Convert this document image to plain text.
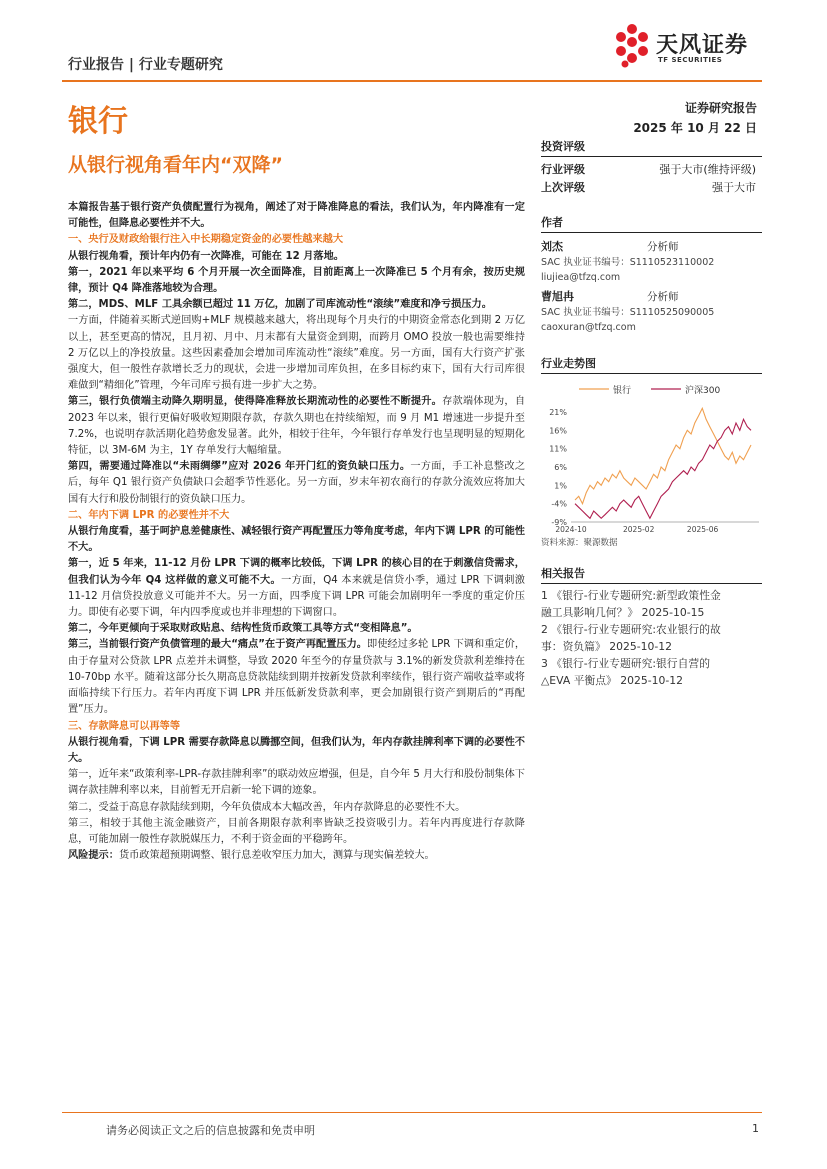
行业报告 | 行业专题研究
天风证券
TF SECURITIES
银行	证券研究报告
2025 年 10 月 22 日
从银行视角看年内“双降”

本篇报告基于银行资产负债配置行为视角，阐述了对于降准降息的看法，我们认为，年内降准有一定可能性，但降息必要性并不大。

一、央行及财政给银行注入中长期稳定资金的必要性越来越大

从银行视角看，预计年内仍有一次降准，可能在 12 月落地。

第一，2021 年以来平均 6 个月开展一次全面降准，目前距离上一次降准已 5 个月有余，按历史规律，预计 Q4 降准落地较为合理。

第二，MDS、MLF 工具余额已超过 11 万亿，加剧了司库流动性“滚续”难度和净亏损压力。

一方面，伴随着买断式逆回购+MLF 规模越来越大，将出现每个月央行的中期资金常态化到期 2 万亿以上，甚至更高的情况，且月初、月中、月末都有大量资金到期，而跨月 OMO 投放一般也需要维持 2 万亿以上的净投放量。这些因素叠加会增加司库流动性“滚续”难度。另一方面，国有大行资产扩张强度大，但一般性存款增长乏力的现状，会进一步增加司库负担，在多目标约束下，国有大行司库很难做到“精细化”管理，今年司库亏损有进一步扩大之势。

第三，银行负债端主动降久期明显，使得降准释放长期流动性的必要性不断提升。存款端体现为，自 2023 年以来，银行更偏好吸收短期限存款，存款久期也在持续缩短，而 9 月 M1 增速进一步提升至 7.2%，也说明存款活期化趋势愈发显著。此外，相较于往年，今年银行存单发行也呈现明显的短期化特征，以 3M-6M 为主，1Y 存单发行大幅缩量。

第四，需要通过降准以“未雨绸缪”应对 2026 年开门红的资负缺口压力。一方面，手工补息整改之后，每年 Q1 银行资产负债缺口会超季节性恶化。另一方面，岁末年初农商行的存款分流效应将加大国有大行和股份制银行的资负缺口压力。

二、年内下调 LPR 的必要性并不大

从银行角度看，基于呵护息差健康性、减轻银行资产再配置压力等角度考虑，年内下调 LPR 的可能性不大。

第一，近 5 年来，11-12 月份 LPR 下调的概率比较低，下调 LPR 的核心目的在于刺激信贷需求，但我们认为今年 Q4 这样做的意义可能不大。一方面，Q4 本来就是信贷小季，通过 LPR 下调刺激 11-12 月信贷投放意义可能并不大。另一方面，四季度下调 LPR 可能会加剧明年一季度的重定价压力。即使有必要下调，年内四季度或也并非理想的下调窗口。

第二，今年更倾向于采取财政贴息、结构性货币政策工具等方式“变相降息”。

第三，当前银行资产负债管理的最大“痛点”在于资产再配置压力。即使经过多轮 LPR 下调和重定价，由于存量对公贷款 LPR 点差并未调整，导致 2020 年至今的存量贷款与 3.1%的新发贷款利差维持在 10-70bp 水平。随着这部分长久期高息贷款陆续到期并按新发贷款利率续作，银行资产端收益率或将面临持续下行压力。若年内再度下调 LPR 并压低新发贷款利率，更会加剧银行资产到期后的“再配置”压力。

三、存款降息可以再等等

从银行视角看，下调 LPR 需要存款降息以腾挪空间，但我们认为，年内存款挂牌利率下调的必要性不大。

第一，近年来“政策利率-LPR-存款挂牌利率”的联动效应增强，但是，自今年 5 月大行和股份制集体下调存款挂牌利率以来，目前暂无开启新一轮下调的迹象。

第二，受益于高息存款陆续到期，今年负债成本大幅改善，年内存款降息的必要性不大。

第三，相较于其他主流金融资产，目前各期限存款利率皆缺乏投资吸引力。若年内再度进行存款降息，可能加剧一般性存款脱媒压力，不利于资金面的平稳跨年。

风险提示：货币政策超预期调整、银行息差收窄压力加大，测算与现实偏差较大。

投资评级
行业评级	强于大市(维持评级)
上次评级	强于大市
作者
刘杰	分析师
SAC 执业证书编号：S1110523110002
liujiea@tfzq.com
曹旭冉	分析师
SAC 执业证书编号：S1110525090005
caoxuran@tfzq.com
行业走势图
银行	沪深300
21%
16%
11%
6%
1%
-4%
-9%
2024-10	2025-02	2025-06
资料来源：聚源数据
相关报告
1 《银行-行业专题研究:新型政策性金
融工具影响几何？》 2025-10-15
2 《银行-行业专题研究:农业银行的故
事：资负篇》 2025-10-12
3 《银行-行业专题研究:银行自营的
△EVA 平衡点》 2025-10-12
请务必阅读正文之后的信息披露和免责申明	1
